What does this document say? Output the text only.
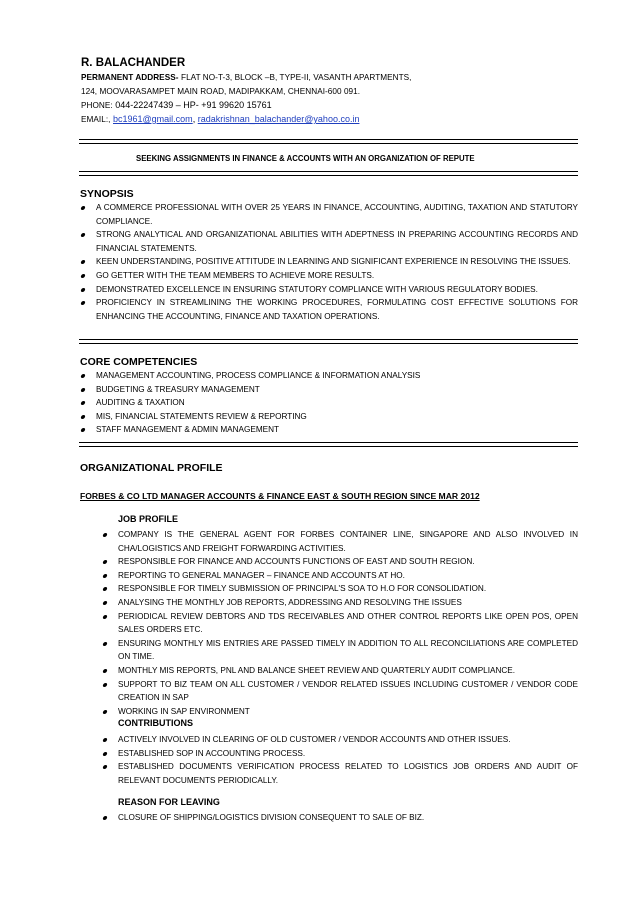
R. BALACHANDER
PERMANENT ADDRESS- FLAT NO-T-3, BLOCK –B, TYPE-II, VASANTH APARTMENTS,
124, MOOVARASAMPET MAIN ROAD, MADIPAKKAM, CHENNAI-600 091.
PHONE: 044-22247439 – HP- +91 99620 15761
EMAIL:, bc1961@gmail.com, radakrishnan_balachander@yahoo.co.in
SEEKING ASSIGNMENTS IN FINANCE & ACCOUNTS WITH AN ORGANIZATION OF REPUTE
SYNOPSIS
A COMMERCE PROFESSIONAL WITH OVER 25 YEARS IN FINANCE, ACCOUNTING, AUDITING, TAXATION AND STATUTORY COMPLIANCE.
STRONG ANALYTICAL AND ORGANIZATIONAL ABILITIES WITH ADEPTNESS IN PREPARING ACCOUNTING RECORDS AND FINANCIAL STATEMENTS.
KEEN UNDERSTANDING, POSITIVE ATTITUDE IN LEARNING AND SIGNIFICANT EXPERIENCE IN RESOLVING THE ISSUES.
GO GETTER WITH THE TEAM MEMBERS TO ACHIEVE MORE RESULTS.
DEMONSTRATED EXCELLENCE IN ENSURING STATUTORY COMPLIANCE WITH VARIOUS REGULATORY BODIES.
PROFICIENCY IN STREAMLINING THE WORKING PROCEDURES, FORMULATING COST EFFECTIVE SOLUTIONS FOR ENHANCING THE ACCOUNTING, FINANCE AND TAXATION OPERATIONS.
CORE COMPETENCIES
MANAGEMENT ACCOUNTING, PROCESS COMPLIANCE & INFORMATION ANALYSIS
BUDGETING & TREASURY MANAGEMENT
AUDITING & TAXATION
MIS, FINANCIAL STATEMENTS REVIEW & REPORTING
STAFF MANAGEMENT & ADMIN MANAGEMENT
ORGANIZATIONAL PROFILE
FORBES & CO LTD MANAGER ACCOUNTS & FINANCE EAST & SOUTH REGION SINCE MAR 2012
JOB PROFILE
COMPANY IS THE GENERAL AGENT FOR FORBES CONTAINER LINE, SINGAPORE AND ALSO INVOLVED IN CHA/LOGISTICS AND FREIGHT FORWARDING ACTIVITIES.
RESPONSIBLE FOR FINANCE AND ACCOUNTS FUNCTIONS OF EAST AND SOUTH REGION.
REPORTING TO GENERAL MANAGER – FINANCE AND ACCOUNTS AT HO.
RESPONSIBLE FOR TIMELY SUBMISSION OF PRINCIPAL'S SOA TO H.O FOR CONSOLIDATION.
ANALYSING THE MONTHLY JOB REPORTS, ADDRESSING AND RESOLVING THE ISSUES
PERIODICAL REVIEW DEBTORS AND TDS RECEIVABLES AND OTHER CONTROL REPORTS LIKE OPEN POS, OPEN SALES ORDERS ETC.
ENSURING MONTHLY MIS ENTRIES ARE PASSED TIMELY IN ADDITION TO ALL RECONCILIATIONS ARE COMPLETED ON TIME.
MONTHLY MIS REPORTS, PNL AND BALANCE SHEET REVIEW AND QUARTERLY AUDIT COMPLIANCE.
SUPPORT TO BIZ TEAM ON ALL CUSTOMER / VENDOR RELATED ISSUES INCLUDING CUSTOMER / VENDOR CODE CREATION IN SAP
WORKING IN SAP ENVIRONMENT
CONTRIBUTIONS
ACTIVELY INVOLVED IN CLEARING OF OLD CUSTOMER / VENDOR ACCOUNTS AND OTHER ISSUES.
ESTABLISHED SOP IN ACCOUNTING PROCESS.
ESTABLISHED DOCUMENTS VERIFICATION PROCESS RELATED TO LOGISTICS JOB ORDERS AND AUDIT OF RELEVANT DOCUMENTS PERIODICALLY.
REASON FOR LEAVING
CLOSURE OF SHIPPING/LOGISTICS DIVISION CONSEQUENT TO SALE OF BIZ.
